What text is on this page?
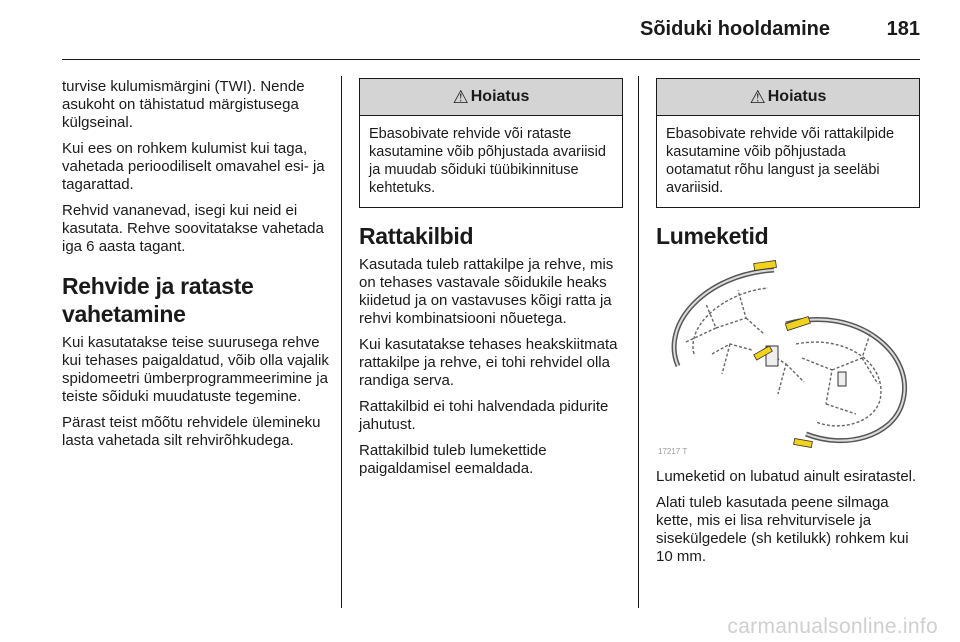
Sõiduki hooldamine	181

turvise kulumismärgini (TWI). Nende asukoht on tähistatud märgistusega külgseinal.

Kui ees on rohkem kulumist kui taga, vahetada perioodiliselt omavahel esi- ja tagarattad.

Rehvid vananevad, isegi kui neid ei kasutata. Rehve soovitatakse vahetada iga 6 aasta tagant.

Rehvide ja rataste vahetamine

Kui kasutatakse teise suurusega rehve kui tehases paigaldatud, võib olla vajalik spidomeetri ümberprogrammeerimine ja teiste sõiduki muudatuste tegemine.

Pärast teist mõõtu rehvidele ülemineku lasta vahetada silt rehvirõhkudega.

⚠ Hoiatus
Ebasobivate rehvide või rataste kasutamine võib põhjustada avariisid ja muudab sõiduki tüübikinnituse kehtetuks.
Rattakilbid

Kasutada tuleb rattakilpe ja rehve, mis on tehases vastavale sõidukile heaks kiidetud ja on vastavuses kõigi ratta ja rehvi kombinatsiooni nõuetega.

Kui kasutatakse tehases heakskiitmata rattakilpe ja rehve, ei tohi rehvidel olla randiga serva.

Rattakilbid ei tohi halvendada pidurite jahutust.

Rattakilbid tuleb lumekettide paigaldamisel eemaldada.

⚠ Hoiatus
Ebasobivate rehvide või rattakilpide kasutamine võib põhjustada ootamatut rõhu langust ja seeläbi avariisid.
Lumeketid
17217 T

Lumeketid on lubatud ainult esiratastel.

Alati tuleb kasutada peene silmaga kette, mis ei lisa rehviturvisele ja sisekülgedele (sh ketilukk) rohkem kui 10 mm.

carmanualsonline.info
